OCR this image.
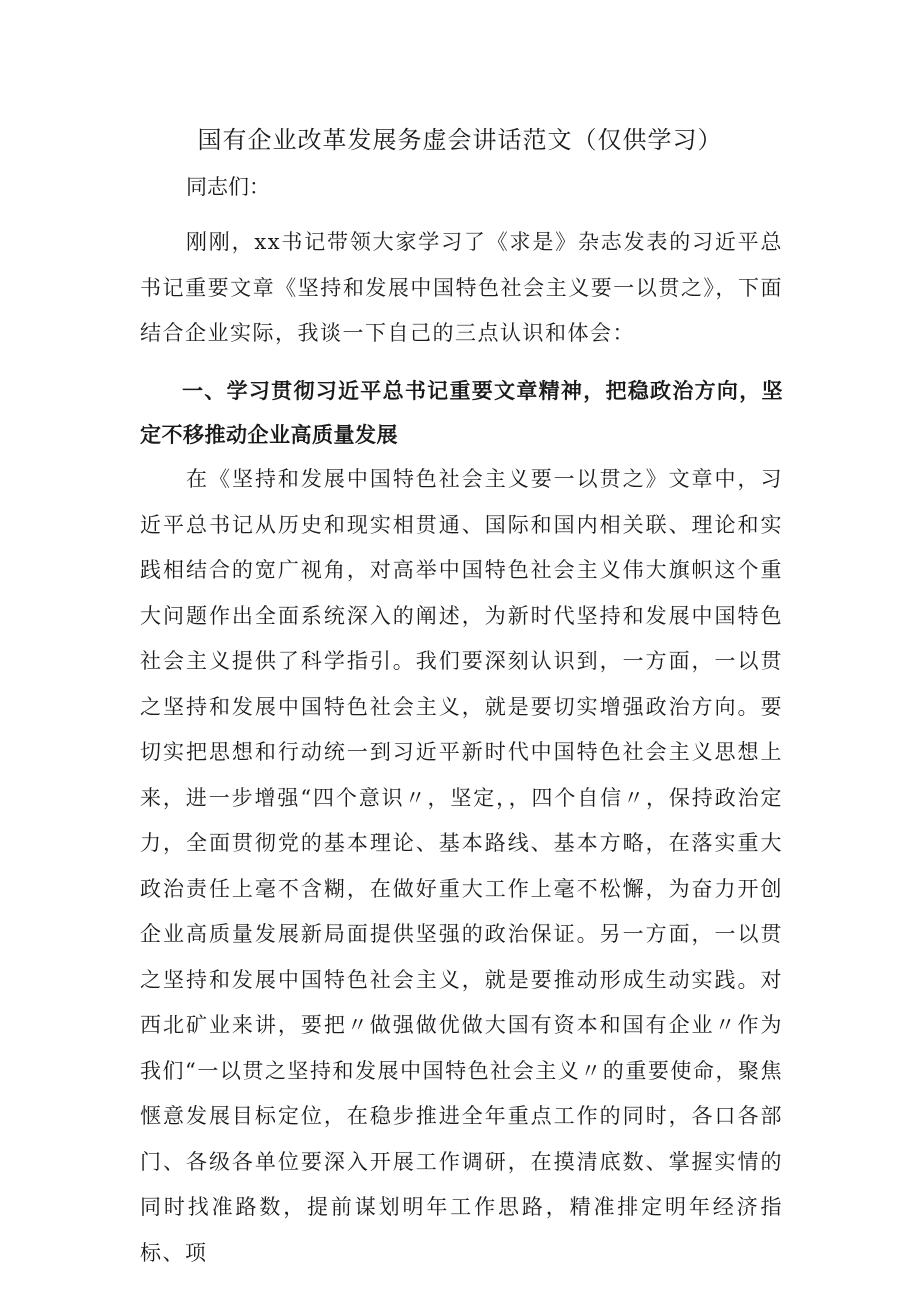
国有企业改革发展务虚会讲话范文（仅供学习）
同志们：

刚刚，xx书记带领大家学习了《求是》杂志发表的习近平总书记重要文章《坚持和发展中国特色社会主义要一以贯之》，下面结合企业实际，我谈一下自己的三点认识和体会：

一、学习贯彻习近平总书记重要文章精神，把稳政治方向，坚定不移推动企业高质量发展

在《坚持和发展中国特色社会主义要一以贯之》文章中，习近平总书记从历史和现实相贯通、国际和国内相关联、理论和实践相结合的宽广视角，对高举中国特色社会主义伟大旗帜这个重大问题作出全面系统深入的阐述，为新时代坚持和发展中国特色社会主义提供了科学指引。我们要深刻认识到，一方面，一以贯之坚持和发展中国特色社会主义，就是要切实增强政治方向。要切实把思想和行动统一到习近平新时代中国特色社会主义思想上来，进一步增强“四个意识〃，坚定，，四个自信〃，保持政治定力，全面贯彻党的基本理论、基本路线、基本方略，在落实重大政治责任上毫不含糊，在做好重大工作上毫不松懈，为奋力开创企业高质量发展新局面提供坚强的政治保证。另一方面，一以贯之坚持和发展中国特色社会主义，就是要推动形成生动实践。对西北矿业来讲，要把〃做强做优做大国有资本和国有企业〃作为我们“一以贯之坚持和发展中国特色社会主义〃的重要使命，聚焦惬意发展目标定位，在稳步推进全年重点工作的同时，各口各部门、各级各单位要深入开展工作调研，在摸清底数、掌握实情的同时找准路数，提前谋划明年工作思路，精准排定明年经济指标、项
